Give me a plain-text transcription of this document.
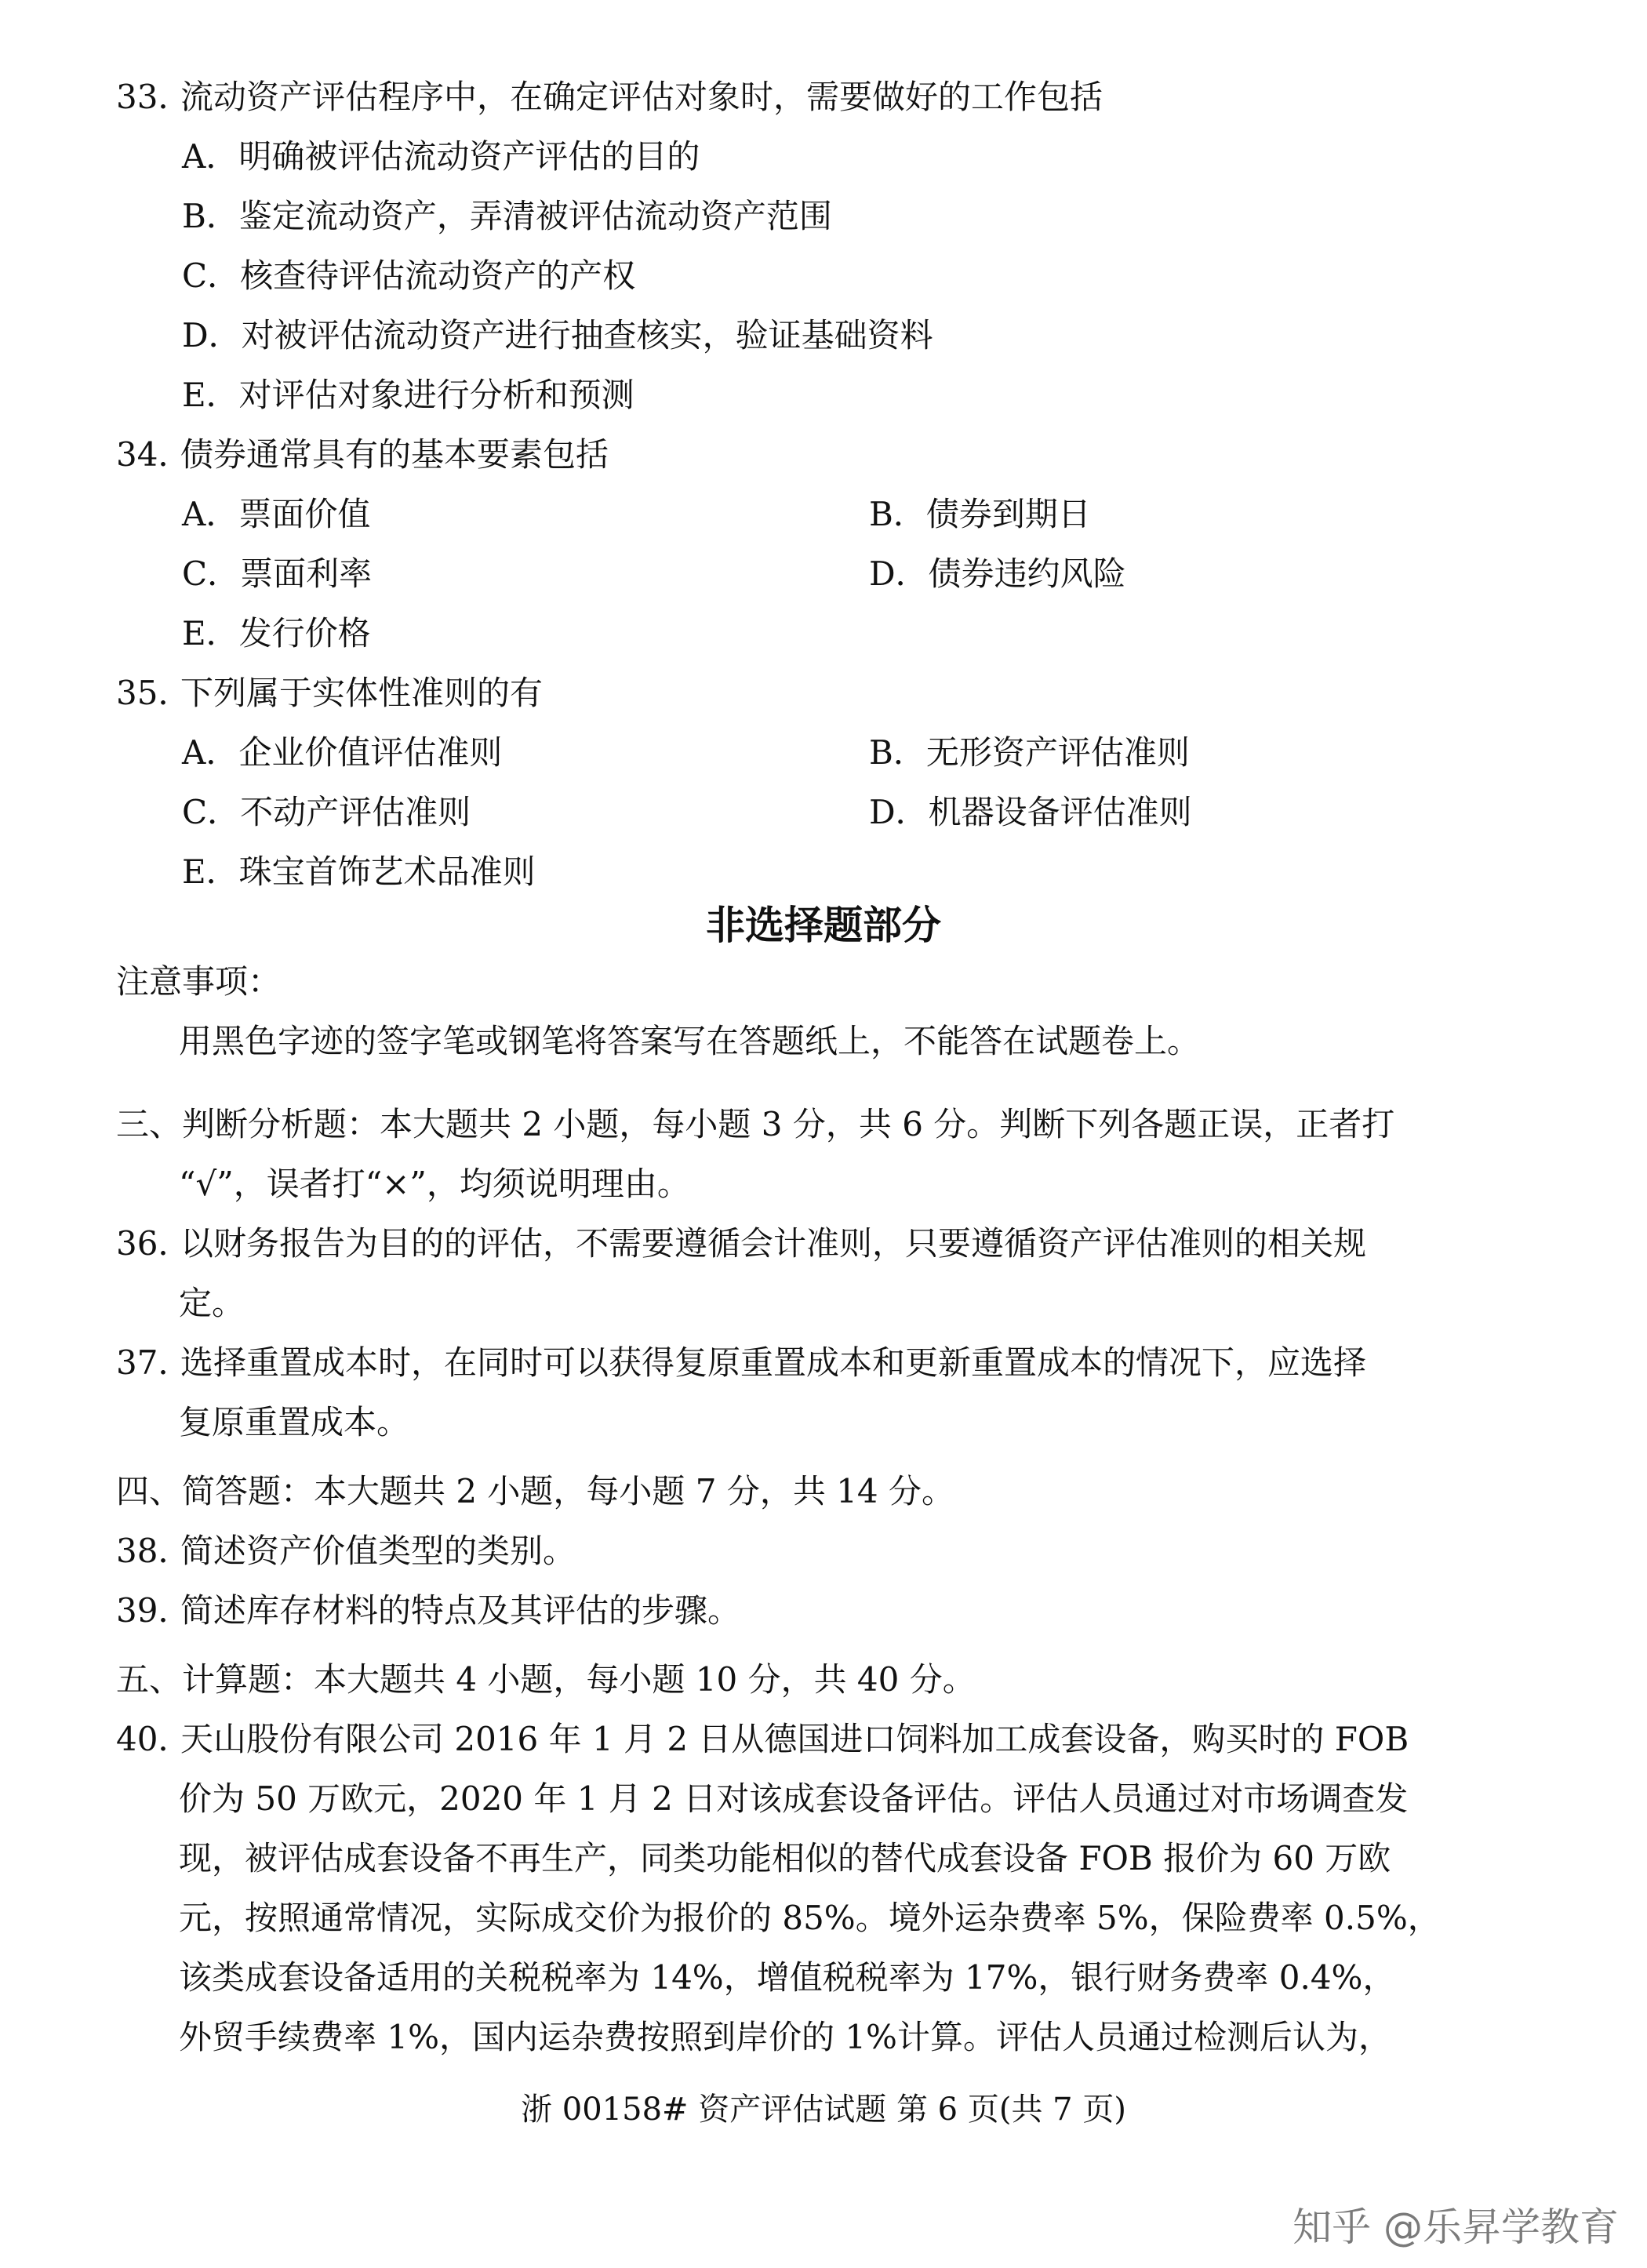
33．
流动资产评估程序中，在确定评估对象时，需要做好的工作包括
A．明确被评估流动资产评估的目的
B．鉴定流动资产，弄清被评估流动资产范围
C．核查待评估流动资产的产权
D．对被评估流动资产进行抽查核实，验证基础资料
E．对评估对象进行分析和预测
34．
债券通常具有的基本要素包括
A．票面价值	B．债券到期日
C．票面利率	D．债券违约风险
E．发行价格
35．
下列属于实体性准则的有
A．企业价值评估准则	B．无形资产评估准则
C．不动产评估准则	D．机器设备评估准则
E．珠宝首饰艺术品准则
非选择题部分
注意事项：
用黑色字迹的签字笔或钢笔将答案写在答题纸上，不能答在试题卷上。
三、判断分析题：本大题共 2 小题，每小题 3 分，共 6 分。判断下列各题正误，正者打
“√”，误者打“×”，均须说明理由。
36．
以财务报告为目的的评估，不需要遵循会计准则，只要遵循资产评估准则的相关规
定。
37．
选择重置成本时，在同时可以获得复原重置成本和更新重置成本的情况下，应选择
复原重置成本。
四、简答题：本大题共 2 小题，每小题 7 分，共 14 分。
38．
简述资产价值类型的类别。
39．
简述库存材料的特点及其评估的步骤。
五、计算题：本大题共 4 小题，每小题 10 分，共 40 分。
40．
天山股份有限公司 2016 年 1 月 2 日从德国进口饲料加工成套设备，购买时的 FOB
价为 50 万欧元，2020 年 1 月 2 日对该成套设备评估。评估人员通过对市场调查发
现，被评估成套设备不再生产，同类功能相似的替代成套设备 FOB 报价为 60 万欧
元，按照通常情况，实际成交价为报价的 85%。境外运杂费率 5%，保险费率 0.5%，
该类成套设备适用的关税税率为 14%，增值税税率为 17%，银行财务费率 0.4%，
外贸手续费率 1%，国内运杂费按照到岸价的 1%计算。评估人员通过检测后认为，
浙 00158# 资产评估试题 第 6 页(共 7 页)
知乎 @乐昇学教育
